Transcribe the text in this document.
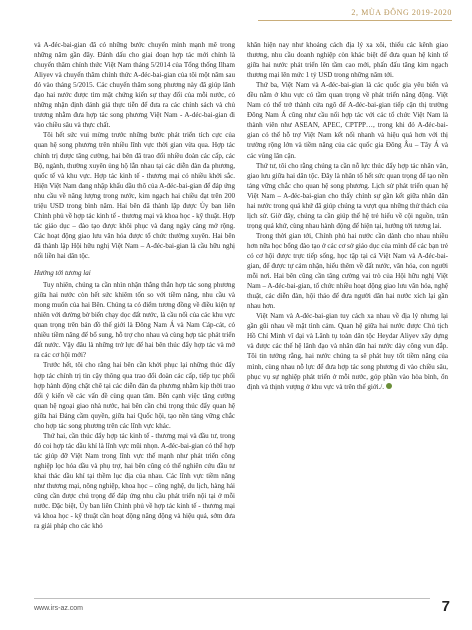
2, MÙA ĐÔNG 2019-2020

và A-đéc-bai-gian đã có những bước chuyển mình mạnh mẽ trong những năm gần đây. Đánh dấu cho giai đoạn hợp tác mới chính là chuyến thăm chính thức Việt Nam tháng 5/2014 của Tổng thống Ilham Aliyev và chuyến thăm chính thức A-đéc-bai-gian của tôi một năm sau đó vào tháng 5/2015. Các chuyến thăm song phương này đã giúp lãnh đạo hai nước được tìm mặt chứng kiến sự thay đổi của mỗi nước, có những nhận định đánh giá thực tiễn để đưa ra các chính sách và chủ trương nhằm đưa hợp tác song phương Việt Nam - A-déc-bai-gian đi vào chiều sâu và thực chất.

Tôi hết sức vui mừng trước những bước phát triển tích cực của quan hệ song phương trên nhiều lĩnh vực thời gian vừa qua. Hợp tác chính trị được tăng cường, hai bên đã trao đổi nhiều đoàn các cấp, các Bộ, ngành, thường xuyên ủng hộ lẫn nhau tại các diễn đàn đa phương, quốc tế và khu vực. Hợp tác kinh tế - thương mại có nhiều khởi sắc. Hiện Việt Nam đang nhập khẩu dầu thô của A-đéc-bai-gian để đáp ứng nhu cầu về năng lượng trong nước, kim ngạch hai chiều đạt trên 200 triệu USD trong bình năm. Hai bên đã thành lập được Ủy ban liên Chính phủ về hợp tác kinh tế - thương mại và khoa học - kỹ thuật. Hợp tác giáo dục – đào tạo được khôi phục và đang ngày càng mở rộng. Các hoạt động giao lưu văn hóa được tổ chức thường xuyên. Hai bên đã thành lập Hội hữu nghị Việt Nam – A-đéc-bai-gian là cầu hữu nghị nối liền hai dân tộc.

Hướng tới tương lai

Tuy nhiên, chúng ta cần nhìn nhận thẳng thắn hợp tác song phương giữa hai nước còn hết sức khiêm tốn so với tiềm năng, nhu cầu và mong muốn của hai Bên. Chúng ta có điểm tương đồng về điều kiện tự nhiên với đường bờ biển chạy dọc đất nước, là cầu nối của các khu vực quan trọng trên bản đồ thế giới là Đông Nam Á và Nam Cáp-cát, có nhiều tiềm năng để bổ sung, hỗ trợ cho nhau và cùng hợp tác phát triển đất nước. Vậy đâu là những trở lực để hai bên thúc đẩy hợp tác và mở ra các cơ hội mới?

Trước hết, tôi cho rằng hai bên cần khởi phục lại những thúc đẩy hợp tác chính trị tin cậy thông qua trao đổi đoàn các cấp, tiếp tục phối hợp hành động chặt chẽ tại các diễn đàn đa phương nhằm kịp thời trao đổi ý kiến về các vấn đề cùng quan tâm. Bên cạnh việc tăng cường quan hệ ngoại giao nhà nước, hai bên cần chú trọng thúc đẩy quan hệ giữa hai Đảng cầm quyền, giữa hai Quốc hội, tạo nền tảng vững chắc cho hợp tác song phương trên các lĩnh vực khác.

Thứ hai, cần thúc đẩy hợp tác kinh tế - thương mại và đầu tư, trong đó coi hợp tác dầu khí là lĩnh vực mũi nhọn. A-đéc-bai-gian có thể hợp tác giúp đỡ Việt Nam trong lĩnh vực thế mạnh như phát triển công nghiệp lọc hóa dầu và phụ trợ, hai bên cũng có thể nghiên cứu đầu tư khai thác dầu khí tại thềm lục địa của nhau. Các lĩnh vực tiềm năng như thương mại, nông nghiệp, khoa học – công nghệ, du lịch, hàng hải cũng cần được chú trọng để đáp ứng nhu cầu phát triển nội tại ở mỗi nước. Đặc biệt, Ủy ban liên Chính phủ về hợp tác kinh tế - thương mại và khoa học - kỹ thuật cần hoạt động năng động và hiệu quả, sớm đưa ra giải pháp cho các khó

khăn hiện nay như khoảng cách địa lý xa xôi, thiếu các kênh giao thương, nhu cầu doanh nghiệp còn khác biệt để đưa quan hệ kinh tế giữa hai nước phát triển lên tầm cao mới, phấn đấu tăng kim ngạch thương mại lên mức 1 tỷ USD trong những năm tới.

Thứ ba, Việt Nam và A-đéc-bai-gian là các quốc gia yêu biển và đều nằm ở khu vực có tầm quan trọng về phát triển năng động. Việt Nam có thể trở thành cửa ngõ để A-đéc-bai-gian tiếp cận thị trường Đông Nam Á cũng như cầu nối hợp tác với các tổ chức Việt Nam là thành viên như ASEAN, APEC, CPTPP…, trong khi đó A-đéc-bai-gian có thể hỗ trợ Việt Nam kết nối nhanh và hiệu quả hơn với thị trường rộng lớn và tiềm năng của các quốc gia Đông Âu – Tây Á và các vùng lân cận.

Thứ tư, tôi cho rằng chúng ta cần nỗ lực thúc đẩy hợp tác nhân văn, giao lưu giữa hai dân tộc. Đây là nhân tố hết sức quan trọng để tạo nền tảng vững chắc cho quan hệ song phương. Lịch sử phát triển quan hệ Việt Nam – A-đéc-bai-gian cho thấy chính sự gần kết giữa nhân dân hai nước trong quá khứ đã giúp chúng ta vượt qua những thử thách của lịch sử. Giờ đây, chúng ta cần giúp thế hệ trẻ hiểu về cội nguồn, trân trọng quá khứ, cùng nhau hành động để hiện tại, hướng tới tương lai.

Trong thời gian tới, Chính phủ hai nước cần dành cho nhau nhiều hơn nữa học bổng đào tạo ở các cơ sở giáo dục của mình để các bạn trẻ có cơ hội được trực tiếp sống, học tập tại cả Việt Nam và A-đéc-bai-gian, để được tự cảm nhận, hiểu thêm về đất nước, văn hóa, con người mỗi nơi. Hai bên cũng cần tăng cường vai trò của Hội hữu nghị Việt Nam – A-đéc-bai-gian, tổ chức nhiều hoạt động giao lưu văn hóa, nghệ thuật, các diễn đàn, hội thảo để đưa người dân hai nước xích lại gần nhau hơn.

Việt Nam và A-đéc-bai-gian tuy cách xa nhau về địa lý nhưng lại gần gũi nhau về mặt tình cảm. Quan hệ giữa hai nước được Chủ tịch Hồ Chí Minh vĩ đại và Lãnh tụ toàn dân tộc Heydar Aliyev xây dựng và được các thế hệ lãnh đạo và nhân dân hai nước dày công vun đắp. Tôi tin tưởng rằng, hai nước chúng ta sẽ phát huy tốt tiềm năng của mình, cùng nhau nỗ lực để đưa hợp tác song phương đi vào chiều sâu, phục vụ sự nghiệp phát triển ở mỗi nước, góp phần vào hòa bình, ổn định và thịnh vượng ở khu vực và trên thế giới./.

www.irs-az.com	7
